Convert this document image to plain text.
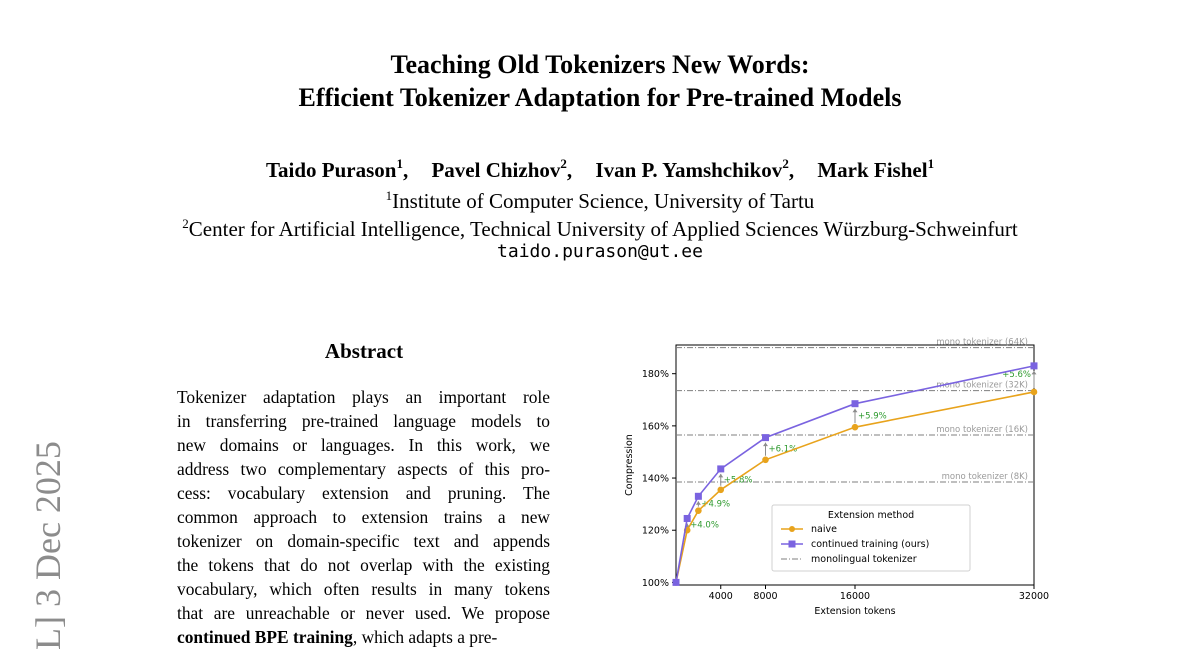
Teaching Old Tokenizers New Words:
Efficient Tokenizer Adaptation for Pre-trained Models
Taido Purason$^1$, Pavel Chizhov$^2$, Ivan P. Yamshchikov$^2$, Mark Fishel$^1$
$^1$Institute of Computer Science, University of Tartu
$^2$Center for Artificial Intelligence, Technical University of Applied Sciences Würzburg-Schweinfurt
taido.purason@ut.ee
L] 3 Dec 2025
Abstract
Tokenizer adaptation plays an important role
in transferring pre-trained language models to
new domains or languages. In this work, we
address two complementary aspects of this pro-
cess: vocabulary extension and pruning. The
common approach to extension trains a new
tokenizer on domain-specific text and appends
the tokens that do not overlap with the existing
vocabulary, which often results in many tokens
that are unreachable or never used. We propose
continued BPE training, which adapts a pre-
mono tokenizer (8K)
mono tokenizer (16K)
mono tokenizer (32K)
mono tokenizer (64K)
4000 8000	16000	32000
100%
120%
140%
160%
180%
Extension tokens
Compression
+4.0%
+4.9%
+5.8%
+6.1%
+5.9%
+5.6%
Extension method
naive
continued training (ours)
monolingual tokenizer
